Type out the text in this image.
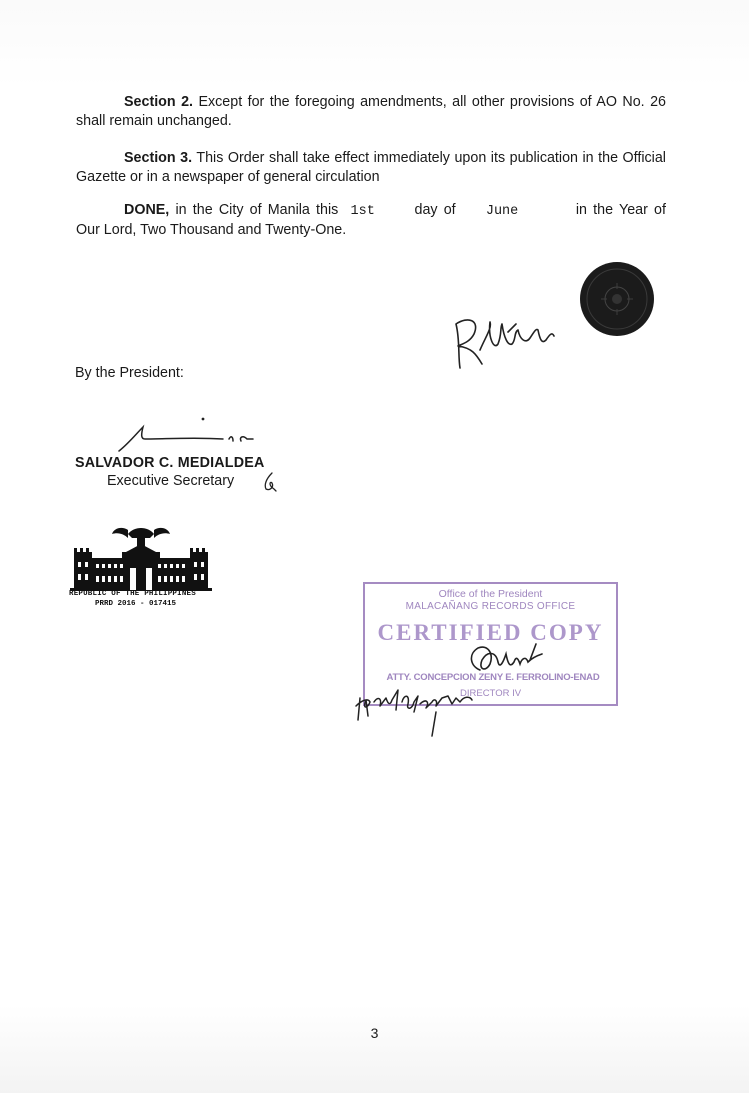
Section 2. Except for the foregoing amendments, all other provisions of AO No. 26 shall remain unchanged.
Section 3. This Order shall take effect immediately upon its publication in the Official Gazette or in a newspaper of general circulation
DONE, in the City of Manila this 1st	day of June	in the Year of Our Lord, Two Thousand and Twenty-One.
By the President:
SALVADOR C. MEDIALDEA
Executive Secretary
REPUBLIC OF THE PHILIPPINES
PRRD 2016 - 017415
Office of the President
MALACAÑANG RECORDS OFFICE
CERTIFIED COPY
ATTY. CONCEPCION ZENY E. FERROLINO-ENAD
DIRECTOR IV
3
